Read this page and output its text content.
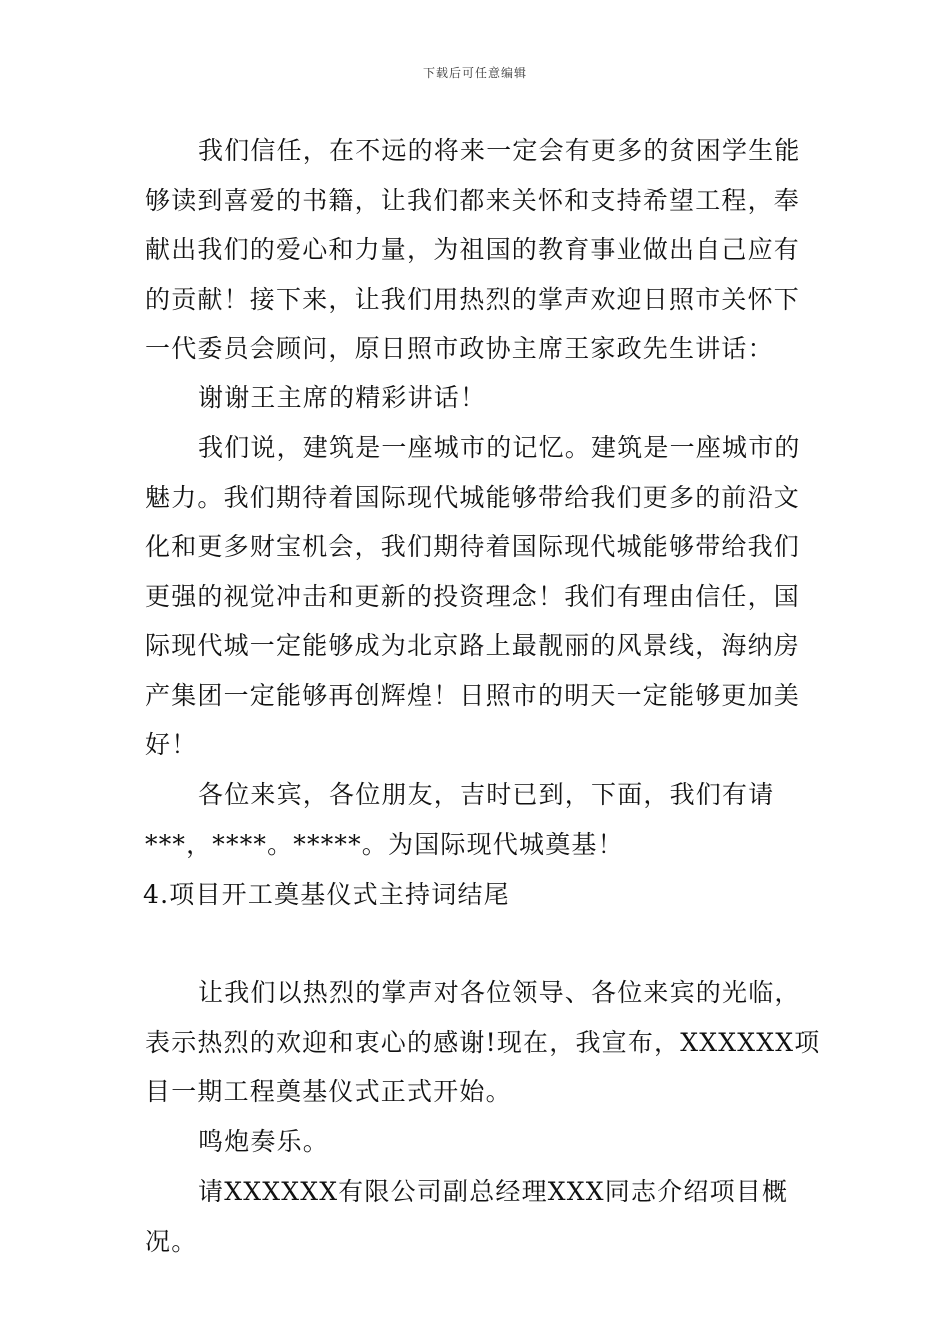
下载后可任意编辑

我们信任，在不远的将来一定会有更多的贫困学生能够读到喜爱的书籍，让我们都来关怀和支持希望工程，奉献出我们的爱心和力量，为祖国的教育事业做出自己应有的贡献！接下来，让我们用热烈的掌声欢迎日照市关怀下一代委员会顾问，原日照市政协主席王家政先生讲话：

谢谢王主席的精彩讲话！

我们说，建筑是一座城市的记忆。建筑是一座城市的魅力。我们期待着国际现代城能够带给我们更多的前沿文化和更多财宝机会，我们期待着国际现代城能够带给我们更强的视觉冲击和更新的投资理念！我们有理由信任，国际现代城一定能够成为北京路上最靓丽的风景线，海纳房产集团一定能够再创辉煌！日照市的明天一定能够更加美好！

各位来宾，各位朋友，吉时已到，下面，我们有请***，****。*****。为国际现代城奠基！

4.项目开工奠基仪式主持词结尾

让我们以热烈的掌声对各位领导、各位来宾的光临，表示热烈的欢迎和衷心的感谢!现在，我宣布，XXXXXX项目一期工程奠基仪式正式开始。

鸣炮奏乐。

请XXXXXX有限公司副总经理XXX同志介绍项目概况。
